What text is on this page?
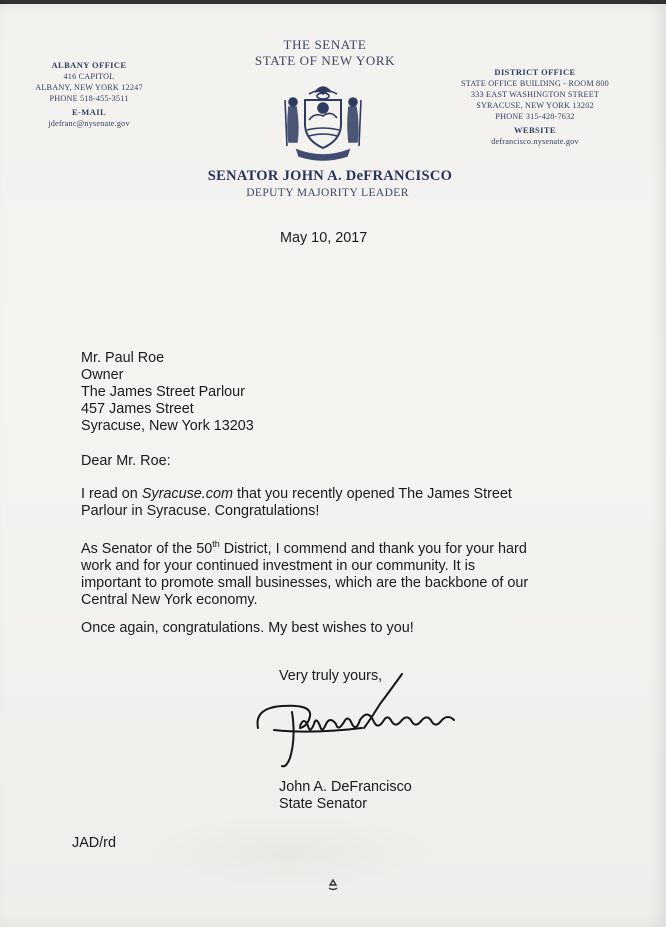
ALBANY OFFICE
416 CAPITOL
ALBANY, NEW YORK 12247
PHONE 518-455-3511
E-MAIL
jdefranc@nysenate.gov
DISTRICT OFFICE
STATE OFFICE BUILDING - ROOM 800
333 EAST WASHINGTON STREET
SYRACUSE, NEW YORK 13202
PHONE 315-428-7632
WEBSITE
defrancisco.nysenate.gov
THE SENATE
STATE OF NEW YORK
SENATOR JOHN A. DeFRANCISCO
DEPUTY MAJORITY LEADER
May 10, 2017
Mr. Paul Roe
Owner
The James Street Parlour
457 James Street
Syracuse, New York 13203
Dear Mr. Roe:
I read on Syracuse.com that you recently opened The James Street
Parlour in Syracuse. Congratulations!
As Senator of the 50th District, I commend and thank you for your hard
work and for your continued investment in our community. It is
important to promote small businesses, which are the backbone of our
Central New York economy.
Once again, congratulations. My best wishes to you!
Very truly yours,
John A. DeFrancisco
State Senator
JAD/rd
